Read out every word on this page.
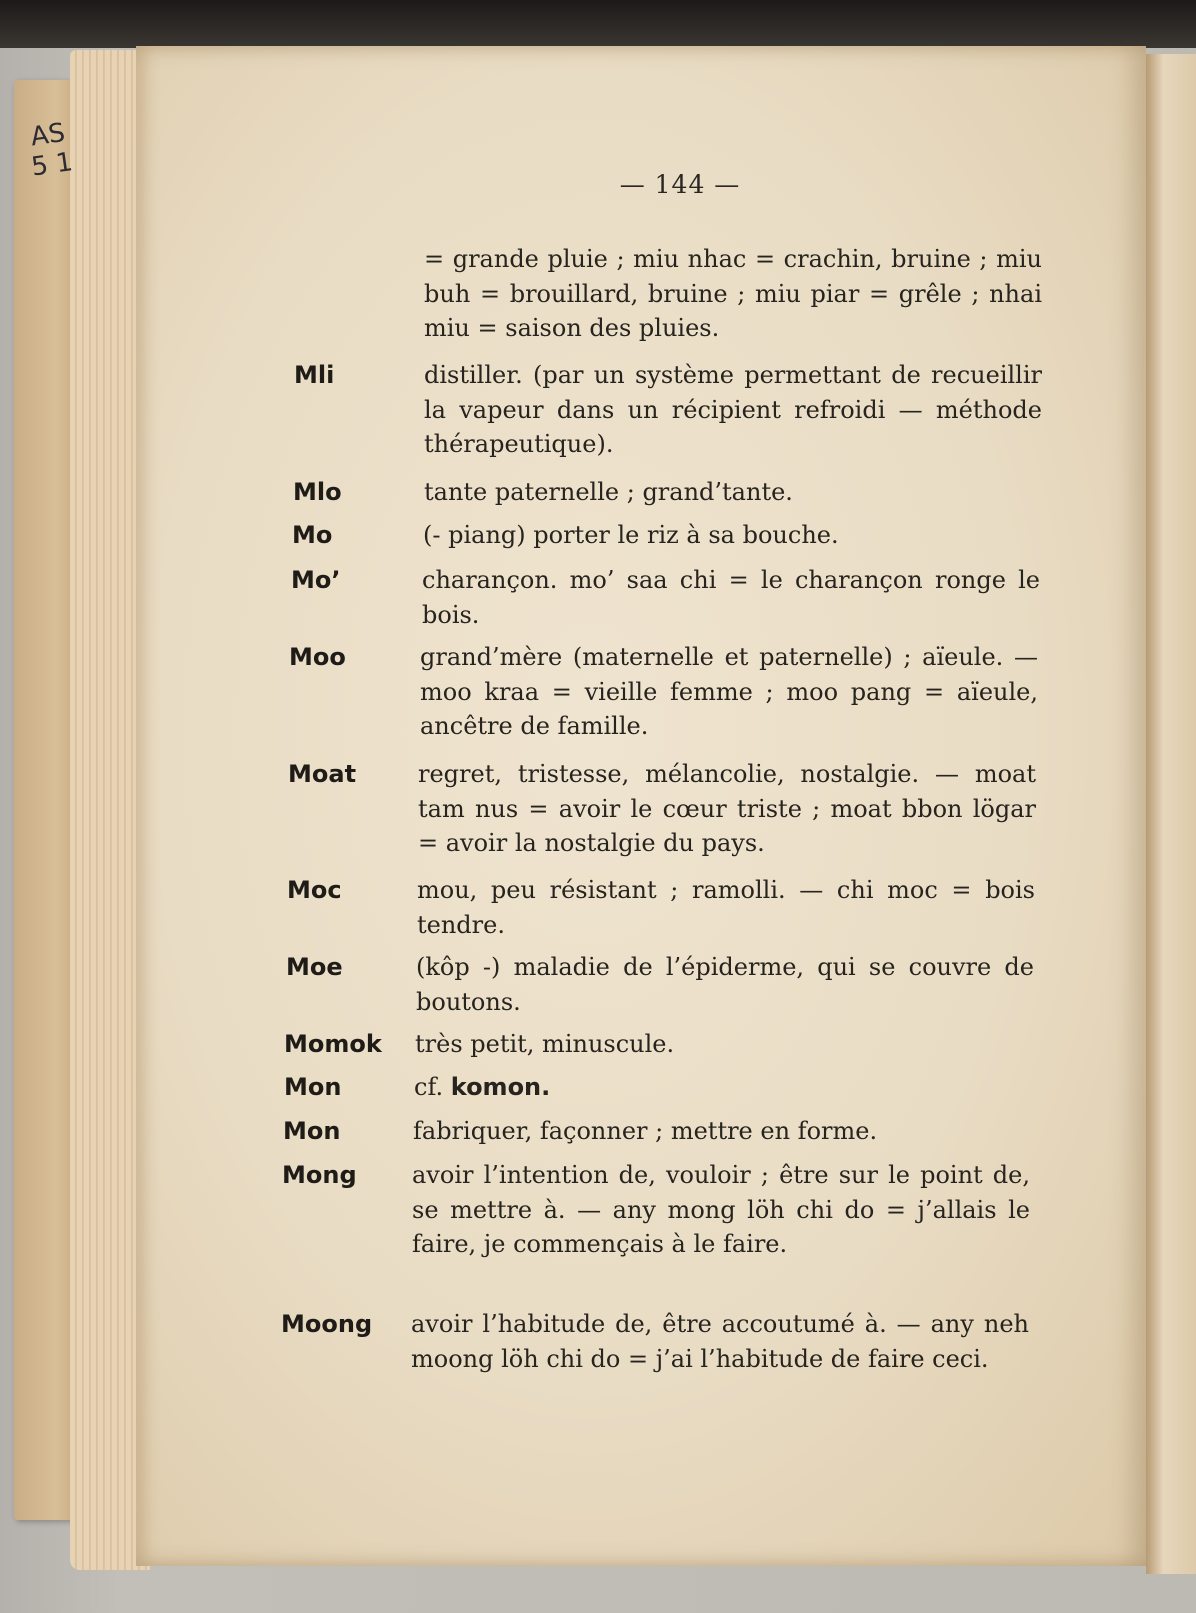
AS 5 1
— 144 —
= grande pluie ; miu nhac = crachin, bruine ; miu buh = brouillard, bruine ; miu piar = grêle ; nhai miu = saison des pluies.
Mli	distiller. (par un système permettant de recueillir la vapeur dans un récipient refroidi — méthode thérapeutique).
Mlo	tante paternelle ; grand’tante.
Mo	(- piang) porter le riz à sa bouche.
Mo’	charançon. mo’ saa chi = le charançon ronge le bois.
Moo	grand’mère (maternelle et paternelle) ; aïeule. — moo kraa = vieille femme ; moo pang = aïeule, ancêtre de famille.
Moat	regret, tristesse, mélancolie, nostalgie. — moat tam nus = avoir le cœur triste ; moat bbon lögar = avoir la nostalgie du pays.
Moc	mou, peu résistant ; ramolli. — chi moc = bois tendre.
Moe	(kôp -) maladie de l’épiderme, qui se couvre de boutons.
Momok très petit, minuscule.
Mon	cf. komon.
Mon	fabriquer, façonner ; mettre en forme.
Mong avoir l’intention de, vouloir ; être sur le point de, se mettre à. — any mong löh chi do = j’allais le faire, je commençais à le faire.
Moong avoir l’habitude de, être accoutumé à. — any neh moong löh chi do = j’ai l’habitude de faire ceci.
